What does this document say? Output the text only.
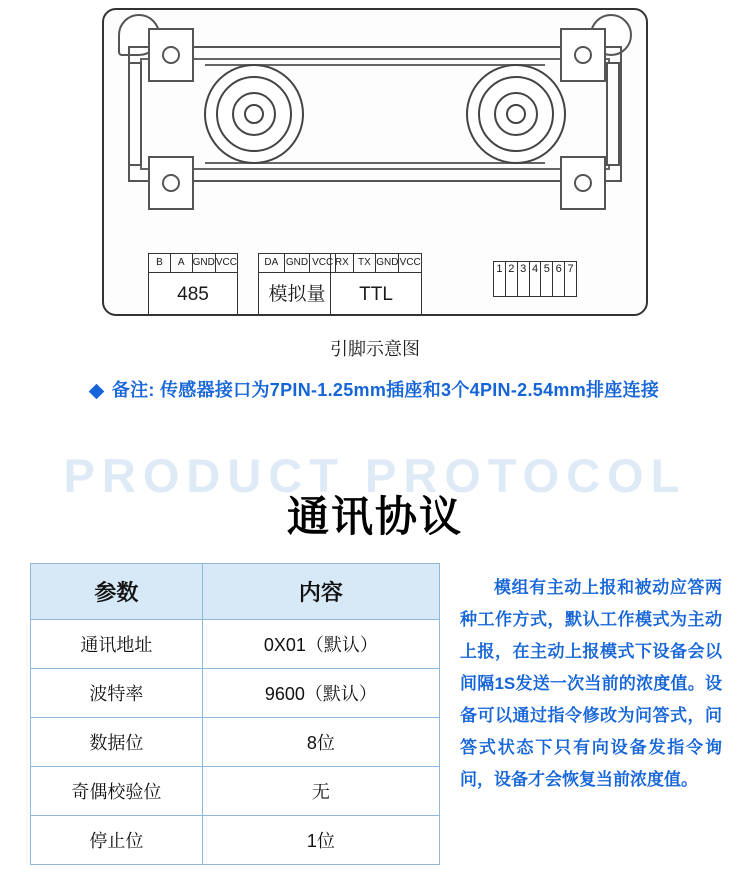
B	A GND VCC
485
DA GND VCC
模拟量
RX TX GND VCC
TTL
1 2 3 4 5 6 7
引脚示意图
备注: 传感器接口为7PIN-1.25mm插座和3个4PIN-2.54mm排座连接
PRODUCT PROTOCOL
通讯协议
参数	内容
通讯地址	0X01（默认）
波特率	9600（默认）
数据位	8位
奇偶校验位	无
停止位	1位
模组有主动上报和被动应答两种工作方式，默认工作模式为主动上报，在主动上报模式下设备会以间隔1S发送一次当前的浓度值。设备可以通过指令修改为问答式，问答式状态下只有向设备发指令询问，设备才会恢复当前浓度值。
